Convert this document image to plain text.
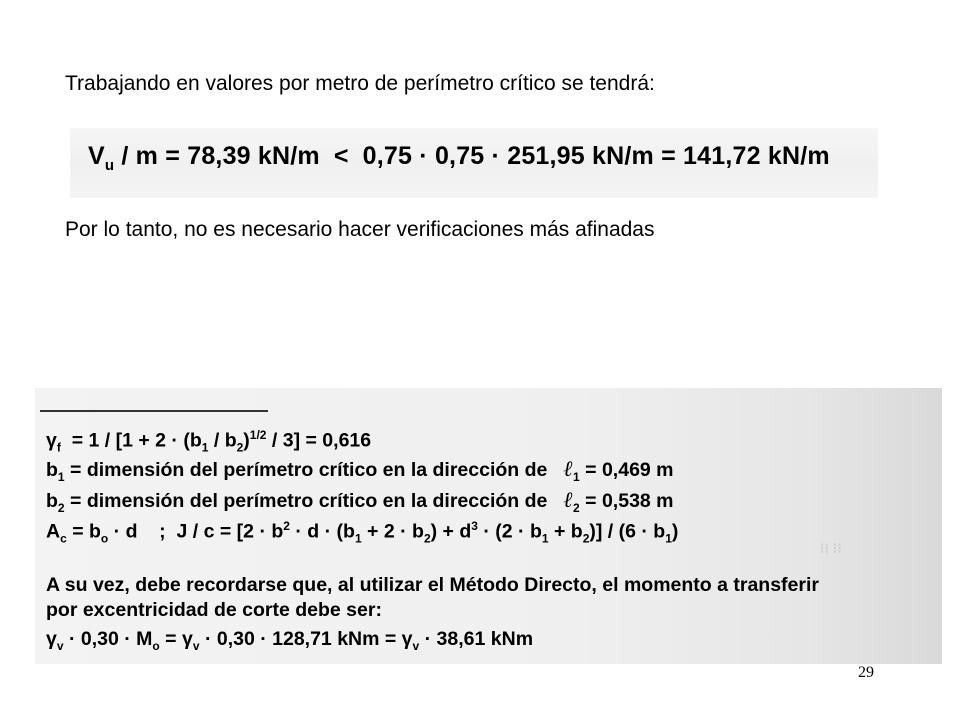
Trabajando en valores por metro de perímetro crítico se tendrá:
$V_u / m = 78,39$ kN/m < 0,75 · 0,75 · 251,95 kN/m = 141,72 kN/m
Por lo tanto, no es necesario hacer verificaciones más afinadas
$\gamma_f = 1 / [1 + 2 \cdot (b_1 / b_2)^{1/2} / 3] = 0,616$
$b_1$ = dimensión del perímetro crítico en la dirección de ℓ$_1$ = 0,469 m
$b_2$ = dimensión del perímetro crítico en la dirección de ℓ$_2$ = 0,538 m
$A_c = b_o \cdot d$    ;  $J / c = [2 \cdot b^2 \cdot d \cdot (b_1 + 2 \cdot b_2) + d^3 \cdot (2 \cdot b_1 + b_2)] / (6 \cdot b_1)$
A su vez, debe recordarse que, al utilizar el Método Directo, el momento a transferir
por excentricidad de corte debe ser:
$\gamma_v \cdot 0,30 \cdot M_o = \gamma_v \cdot 0,30 \cdot 128,71$ kNm = $\gamma_v \cdot 38,61$ kNm
⁝⁝ ⁝⁝
29
